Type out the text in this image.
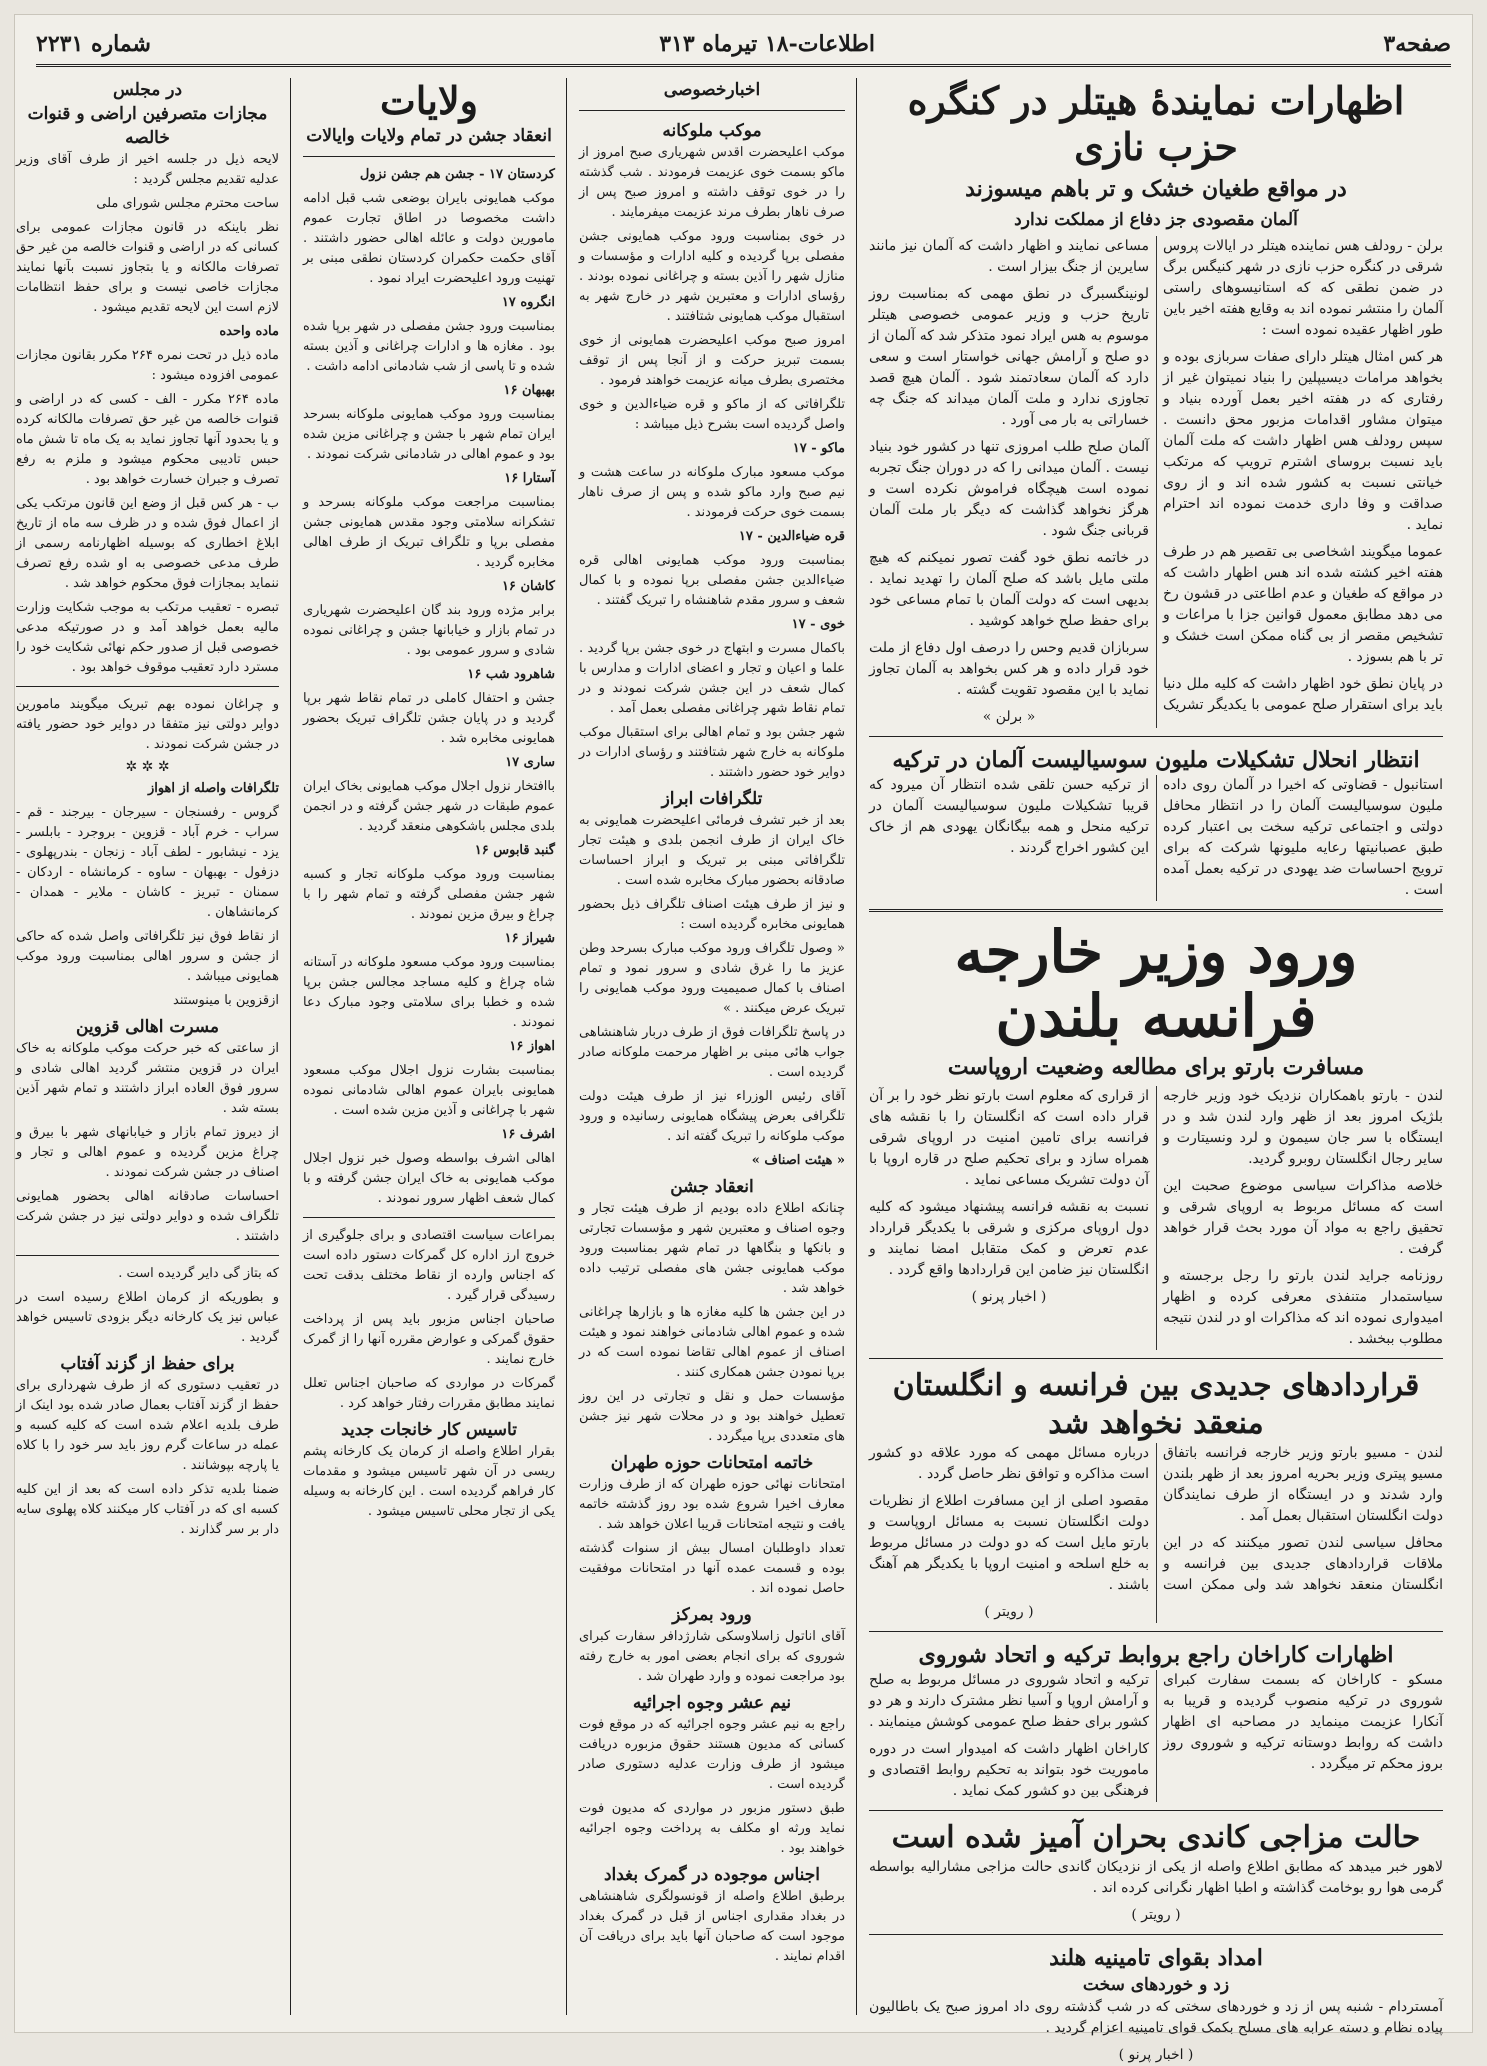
صفحه۳
اطلاعات-۱۸ تیرماه ۳۱۳
شماره ۲۲۳۱
اظهارات نمایندۀ هیتلر در کنگره حزب نازی
در مواقع طغیان خشک و تر باهم میسوزند
آلمان مقصودی جز دفاع از مملکت ندارد

برلن - رودلف هس نماینده هیتلر در ایالات پروس شرقی در کنگره حزب نازی در شهر کنیگس برگ در ضمن نطقی که که استانیسوهای راستی آلمان را منتشر نموده اند به وقایع هفته اخیر باین طور اظهار عقیده نموده است :

هر کس امثال هیتلر دارای صفات سربازی بوده و بخواهد مرامات دیسیپلین را بنیاد نمیتوان غیر از رفتاری که در هفته اخیر بعمل آورده بنیاد و میتوان مشاور اقدامات مزبور محق دانست . سپس رودلف هس اظهار داشت که ملت آلمان باید نسبت بروسای اشترم ترویپ که مرتکب خیانتی نسبت به کشور شده اند و از روی صداقت و وفا داری خدمت نموده اند احترام نماید .

عموما میگویند اشخاصی بی تقصیر هم در طرف هفته اخیر کشته شده اند هس اظهار داشت که در مواقع که طغیان و عدم اطاعتی در قشون رخ می دهد مطابق معمول قوانین جزا با مراعات و تشخیص مقصر از بی گناه ممکن است خشک و تر با هم بسوزد .

در پایان نطق خود اظهار داشت که کلیه ملل دنیا باید برای استقرار صلح عمومی با یکدیگر تشریک مساعی نمایند و اظهار داشت که آلمان نیز مانند سایرین از جنگ بیزار است .

لونینگسبرگ در نطق مهمی که بمناسبت روز تاریخ حزب و وزیر عمومی خصوصی هیتلر موسوم به هس ایراد نمود متذکر شد که آلمان از دو صلح و آرامش جهانی خواستار است و سعی دارد که آلمان سعادتمند شود . آلمان هیچ قصد تجاوزی ندارد و ملت آلمان میداند که جنگ چه خساراتی به بار می آورد .

آلمان صلح طلب امروزی تنها در کشور خود بنیاد نیست . آلمان میدانی را که در دوران جنگ تجربه نموده است هیچگاه فراموش نکرده است و هرگز نخواهد گذاشت که دیگر بار ملت آلمان قربانی جنگ شود .

در خاتمه نطق خود گفت تصور نمیکنم که هیچ ملتی مایل باشد که صلح آلمان را تهدید نماید . بدیهی است که دولت آلمان با تمام مساعی خود برای حفظ صلح خواهد کوشید .

سربازان قدیم وحس را درصف اول دفاع از ملت خود قرار داده و هر کس بخواهد به آلمان تجاوز نماید با این مقصود تقویت گشته .

« برلن »

انتظار انحلال تشکیلات ملیون سوسیالیست آلمان در ترکیه

استانبول - قضاوتی که اخیرا در آلمان روی داده ملیون سوسیالیست آلمان را در انتظار محافل دولتی و اجتماعی ترکیه سخت بی اعتبار کرده طبق عصبانیتها رعایه ملیونها شرکت که برای ترویج احساسات ضد یهودی در ترکیه بعمل آمده است .

از ترکیه حسن تلقی شده انتظار آن میرود که قریبا تشکیلات ملیون سوسیالیست آلمان در ترکیه منحل و همه بیگانگان یهودی هم از خاک این کشور اخراج گردند .

ورود وزیر خارجه فرانسه بلندن
مسافرت بارتو برای مطالعه وضعیت اروپاست

لندن - بارتو باهمکاران نزدیک خود وزیر خارجه بلژیک امروز بعد از ظهر وارد لندن شد و در ایستگاه با سر جان سیمون و لرد ونسیتارت و سایر رجال انگلستان روبرو گردید.

خلاصه مذاکرات سیاسی موضوع صحبت این است که مسائل مربوط به اروپای شرقی و تحقیق راجع به مواد آن مورد بحث قرار خواهد گرفت .

روزنامه جراید لندن بارتو را رجل برجسته و سیاستمدار متنفذی معرفی کرده و اظهار امیدواری نموده اند که مذاکرات او در لندن نتیجه مطلوب ببخشد .

از قراری که معلوم است بارتو نظر خود را بر آن قرار داده است که انگلستان را با نقشه های فرانسه برای تامین امنیت در اروپای شرقی همراه سازد و برای تحکیم صلح در قاره اروپا با آن دولت تشریک مساعی نماید .

نسبت به نقشه فرانسه پیشنهاد میشود که کلیه دول اروپای مرکزی و شرقی با یکدیگر قرارداد عدم تعرض و کمک متقابل امضا نمایند و انگلستان نیز ضامن این قراردادها واقع گردد .

( اخبار پرنو )

قراردادهای جدیدی بین فرانسه و انگلستان منعقد نخواهد شد

لندن - مسیو بارتو وزیر خارجه فرانسه باتفاق مسیو پیتری وزیر بحریه امروز بعد از ظهر بلندن وارد شدند و در ایستگاه از طرف نمایندگان دولت انگلستان استقبال بعمل آمد .

محافل سیاسی لندن تصور میکنند که در این ملاقات قراردادهای جدیدی بین فرانسه و انگلستان منعقد نخواهد شد ولی ممکن است درباره مسائل مهمی که مورد علاقه دو کشور است مذاکره و توافق نظر حاصل گردد .

مقصود اصلی از این مسافرت اطلاع از نظریات دولت انگلستان نسبت به مسائل اروپاست و بارتو مایل است که دو دولت در مسائل مربوط به خلع اسلحه و امنیت اروپا با یکدیگر هم آهنگ باشند .

( رویتر )

اظهارات کاراخان راجع بروابط ترکیه و اتحاد شوروی

مسکو - کاراخان که بسمت سفارت کبرای شوروی در ترکیه منصوب گردیده و قریبا به آنکارا عزیمت مینماید در مصاحبه ای اظهار داشت که روابط دوستانه ترکیه و شوروی روز بروز محکم تر میگردد .

ترکیه و اتحاد شوروی در مسائل مربوط به صلح و آرامش اروپا و آسیا نظر مشترک دارند و هر دو کشور برای حفظ صلح عمومی کوشش مینمایند .

کاراخان اظهار داشت که امیدوار است در دوره ماموریت خود بتواند به تحکیم روابط اقتصادی و فرهنگی بین دو کشور کمک نماید .

حالت مزاجی کاندی بحران آمیز شده است

لاهور خبر میدهد که مطابق اطلاع واصله از یکی از نزدیکان گاندی حالت مزاجی مشارالیه بواسطه گرمی هوا رو بوخامت گذاشته و اطبا اظهار نگرانی کرده اند .

( رویتر )

امداد بقوای تامینیه هلند
زد و خوردهای سخت

آمستردام - شنبه پس از زد و خوردهای سختی که در شب گذشته روی داد امروز صبح یک باطالیون پیاده نظام و دسته عرابه های مسلح بکمک قوای تامینیه اعزام گردید .

( اخبار پرنو )

اخبارخصوصی
موکب ملوکانه

موکب اعلیحضرت اقدس شهریاری صبح امروز از ماکو بسمت خوی عزیمت فرمودند . شب گذشته را در خوی توقف داشته و امروز صبح پس از صرف ناهار بطرف مرند عزیمت میفرمایند .

در خوی بمناسبت ورود موکب همایونی جشن مفصلی برپا گردیده و کلیه ادارات و مؤسسات و منازل شهر را آذین بسته و چراغانی نموده بودند . رؤسای ادارات و معتبرین شهر در خارج شهر به استقبال موکب همایونی شتافتند .

امروز صبح موکب اعلیحضرت همایونی از خوی بسمت تبریز حرکت و از آنجا پس از توقف مختصری بطرف میانه عزیمت خواهند فرمود .

تلگرافاتی که از ماکو و قره ضیاءالدین و خوی واصل گردیده است بشرح ذیل میباشد :

ماکو - ۱۷

موکب مسعود مبارک ملوکانه در ساعت هشت و نیم صبح وارد ماکو شده و پس از صرف ناهار بسمت خوی حرکت فرمودند .

قره ضیاءالدین - ۱۷

بمناسبت ورود موکب همایونی اهالی قره ضیاءالدین جشن مفصلی برپا نموده و با کمال شعف و سرور مقدم شاهنشاه را تبریک گفتند .

خوی - ۱۷

باکمال مسرت و ابتهاج در خوی جشن برپا گردید . علما و اعیان و تجار و اعضای ادارات و مدارس با کمال شعف در این جشن شرکت نمودند و در تمام نقاط شهر چراغانی مفصلی بعمل آمد .

شهر جشن بود و تمام اهالی برای استقبال موکب ملوکانه به خارج شهر شتافتند و رؤسای ادارات در دوایر خود حضور داشتند .

تلگرافات ابراز

بعد از خبر تشرف فرمائی اعلیحضرت همایونی به خاک ایران از طرف انجمن بلدی و هیئت تجار تلگرافاتی مبنی بر تبریک و ابراز احساسات صادقانه بحضور مبارک مخابره شده است .

و نیز از طرف هیئت اصناف تلگراف ذیل بحضور همایونی مخابره گردیده است :

« وصول تلگراف ورود موکب مبارک بسرحد وطن عزیز ما را غرق شادی و سرور نمود و تمام اصناف با کمال صمیمیت ورود موکب همایونی را تبریک عرض میکنند . »

در پاسخ تلگرافات فوق از طرف دربار شاهنشاهی جواب هائی مبنی بر اظهار مرحمت ملوکانه صادر گردیده است .

آقای رئیس الوزراء نیز از طرف هیئت دولت تلگرافی بعرض پیشگاه همایونی رسانیده و ورود موکب ملوکانه را تبریک گفته اند .

« هیئت اصناف »
انعقاد جشن

چنانکه اطلاع داده بودیم از طرف هیئت تجار و وجوه اصناف و معتبرین شهر و مؤسسات تجارتی و بانکها و بنگاهها در تمام شهر بمناسبت ورود موکب همایونی جشن های مفصلی ترتیب داده خواهد شد .

در این جشن ها کلیه مغازه ها و بازارها چراغانی شده و عموم اهالی شادمانی خواهند نمود و هیئت اصناف از عموم اهالی تقاضا نموده است که در برپا نمودن جشن همکاری کنند .

مؤسسات حمل و نقل و تجارتی در این روز تعطیل خواهند بود و در محلات شهر نیز جشن های متعددی برپا میگردد .

خاتمه امتحانات حوزه طهران

امتحانات نهائی حوزه طهران که از طرف وزارت معارف اخیرا شروع شده بود روز گذشته خاتمه یافت و نتیجه امتحانات قریبا اعلان خواهد شد .

تعداد داوطلبان امسال بیش از سنوات گذشته بوده و قسمت عمده آنها در امتحانات موفقیت حاصل نموده اند .

ورود بمرکز

آقای اناتول زاسلاوسکی شارژدافر سفارت کبرای شوروی که برای انجام بعضی امور به خارج رفته بود مراجعت نموده و وارد طهران شد .

نیم عشر وجوه اجرائیه

راجع به نیم عشر وجوه اجرائیه که در موقع فوت کسانی که مدیون هستند حقوق مزبوره دریافت میشود از طرف وزارت عدلیه دستوری صادر گردیده است .

طبق دستور مزبور در مواردی که مدیون فوت نماید ورثه او مکلف به پرداخت وجوه اجرائیه خواهند بود .

اجناس موجوده در گمرک بغداد

برطبق اطلاع واصله از قونسولگری شاهنشاهی در بغداد مقداری اجناس از قبل در گمرک بغداد موجود است که صاحبان آنها باید برای دریافت آن اقدام نمایند .

ولایات
انعقاد جشن در تمام ولایات وایالات

کردستان ۱۷ - جشن هم جشن نزول

موکب همایونی بایران بوضعی شب قبل ادامه داشت مخصوصا در اطاق تجارت عموم مامورین دولت و عائله اهالی حضور داشتند . آقای حکمت حکمران کردستان نطقی مبنی بر تهنیت ورود اعلیحضرت ایراد نمود .

انگروه ۱۷

بمناسبت ورود جشن مفصلی در شهر برپا شده بود . مغازه ها و ادارات چراغانی و آذین بسته شده و تا پاسی از شب شادمانی ادامه داشت .

بهبهان ۱۶

بمناسبت ورود موکب همایونی ملوکانه بسرحد ایران تمام شهر با جشن و چراغانی مزین شده بود و عموم اهالی در شادمانی شرکت نمودند .

آستارا ۱۶

بمناسبت مراجعت موکب ملوکانه بسرحد و تشکرانه سلامتی وجود مقدس همایونی جشن مفصلی برپا و تلگراف تبریک از طرف اهالی مخابره گردید .

کاشان ۱۶

برابر مژده ورود بند گان اعلیحضرت شهریاری در تمام بازار و خیابانها جشن و چراغانی نموده شادی و سرور عمومی بود .

شاهرود شب ۱۶

جشن و احتفال کاملی در تمام نقاط شهر برپا گردید و در پایان جشن تلگراف تبریک بحضور همایونی مخابره شد .

ساری ۱۷

باافتخار نزول اجلال موکب همایونی بخاک ایران عموم طبقات در شهر جشن گرفته و در انجمن بلدی مجلس باشکوهی منعقد گردید .

گنبد قابوس ۱۶

بمناسبت ورود موکب ملوکانه تجار و کسبه شهر جشن مفصلی گرفته و تمام شهر را با چراغ و بیرق مزین نمودند .

شیراز ۱۶

بمناسبت ورود موکب مسعود ملوکانه در آستانه شاه چراغ و کلیه مساجد مجالس جشن برپا شده و خطبا برای سلامتی وجود مبارک دعا نمودند .

اهواز ۱۶

بمناسبت بشارت نزول اجلال موکب مسعود همایونی بایران عموم اهالی شادمانی نموده شهر با چراغانی و آذین مزین شده است .

اشرف ۱۶

اهالی اشرف بواسطه وصول خبر نزول اجلال موکب همایونی به خاک ایران جشن گرفته و با کمال شعف اظهار سرور نمودند .

بمراعات سیاست اقتصادی و برای جلوگیری از خروج ارز اداره کل گمرکات دستور داده است که اجناس وارده از نقاط مختلف بدقت تحت رسیدگی قرار گیرد .

صاحبان اجناس مزبور باید پس از پرداخت حقوق گمرکی و عوارض مقرره آنها را از گمرک خارج نمایند .

گمرکات در مواردی که صاحبان اجناس تعلل نمایند مطابق مقررات رفتار خواهد کرد .

تاسیس کار خانجات جدید

بقرار اطلاع واصله از کرمان یک کارخانه پشم ریسی در آن شهر تاسیس میشود و مقدمات کار فراهم گردیده است . این کارخانه به وسیله یکی از تجار محلی تاسیس میشود .

در مجلس
مجازات متصرفین اراضی و قنوات خالصه

لایحه ذیل در جلسه اخیر از طرف آقای وزیر عدلیه تقدیم مجلس گردید :

ساحت محترم مجلس شورای ملی

نظر باینکه در قانون مجازات عمومی برای کسانی که در اراضی و قنوات خالصه من غیر حق تصرفات مالکانه و یا بتجاوز نسبت بآنها نمایند مجازات خاصی نیست و برای حفظ انتظامات لازم است این لایحه تقدیم میشود .

ماده واحده

ماده ذیل در تحت نمره ۲۶۴ مکرر بقانون مجازات عمومی افزوده میشود :

ماده ۲۶۴ مکرر - الف - کسی که در اراضی و قنوات خالصه من غیر حق تصرفات مالکانه کرده و یا بحدود آنها تجاوز نماید به یک ماه تا شش ماه حبس تادیبی محکوم میشود و ملزم به رفع تصرف و جبران خسارت خواهد بود .

ب - هر کس قبل از وضع این قانون مرتکب یکی از اعمال فوق شده و در ظرف سه ماه از تاریخ ابلاغ اخطاری که بوسیله اظهارنامه رسمی از طرف مدعی خصوصی به او شده رفع تصرف ننماید بمجازات فوق محکوم خواهد شد .

تبصره - تعقیب مرتکب به موجب شکایت وزارت مالیه بعمل خواهد آمد و در صورتیکه مدعی خصوصی قبل از صدور حکم نهائی شکایت خود را مسترد دارد تعقیب موقوف خواهد بود .

و چراغان نموده بهم تبریک میگویند مامورین دوایر دولتی نیز متفقا در دوایر خود حضور یافته در جشن شرکت نمودند .

✲ ✲ ✲

تلگرافات واصله از اهواز

گروس - رفسنجان - سیرجان - بیرجند - قم - سراب - خرم آباد - قزوین - بروجرد - بابلسر - یزد - نیشابور - لطف آباد - زنجان - بندرپهلوی - دزفول - بهبهان - ساوه - کرمانشاه - اردکان - سمنان - تبریز - کاشان - ملایر - همدان - کرمانشاهان .

از نقاط فوق نیز تلگرافاتی واصل شده که حاکی از جشن و سرور اهالی بمناسبت ورود موکب همایونی میباشد .

ازقزوین با مینوستند

مسرت اهالی قزوین

از ساعتی که خبر حرکت موکب ملوکانه به خاک ایران در قزوین منتشر گردید اهالی شادی و سرور فوق العاده ابراز داشتند و تمام شهر آذین بسته شد .

از دیروز تمام بازار و خیابانهای شهر با بیرق و چراغ مزین گردیده و عموم اهالی و تجار و اصناف در جشن شرکت نمودند .

احساسات صادقانه اهالی بحضور همایونی تلگراف شده و دوایر دولتی نیز در جشن شرکت داشتند .

که بتاز گی دایر گردیده است .

و بطوریکه از کرمان اطلاع رسیده است در عباس نیز یک کارخانه دیگر بزودی تاسیس خواهد گردید .

برای حفظ از گزند آفتاب

در تعقیب دستوری که از طرف شهرداری برای حفظ از گزند آفتاب بعمال صادر شده بود اینک از طرف بلدیه اعلام شده است که کلیه کسبه و عمله در ساعات گرم روز باید سر خود را با کلاه یا پارچه بپوشانند .

ضمنا بلدیه تذکر داده است که بعد از این کلیه کسبه ای که در آفتاب کار میکنند کلاه پهلوی سایه دار بر سر گذارند .
